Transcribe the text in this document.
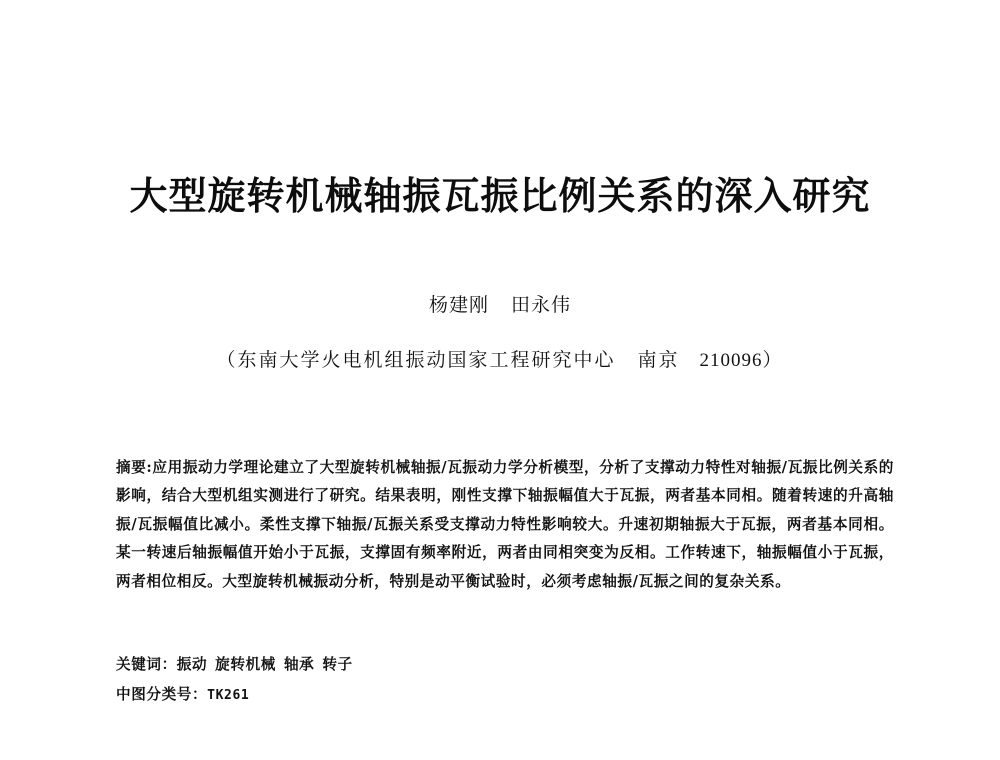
大型旋转机械轴振瓦振比例关系的深入研究
杨建刚 田永伟
（东南大学火电机组振动国家工程研究中心 南京 210096）
摘要:应用振动力学理论建立了大型旋转机械轴振/瓦振动力学分析模型，分析了支撑动力特性对轴振/瓦振比例关系的影响，结合大型机组实测进行了研究。结果表明，刚性支撑下轴振幅值大于瓦振，两者基本同相。随着转速的升高轴振/瓦振幅值比减小。柔性支撑下轴振/瓦振关系受支撑动力特性影响较大。升速初期轴振大于瓦振，两者基本同相。某一转速后轴振幅值开始小于瓦振，支撑固有频率附近，两者由同相突变为反相。工作转速下，轴振幅值小于瓦振，两者相位相反。大型旋转机械振动分析，特别是动平衡试验时，必须考虑轴振/瓦振之间的复杂关系。
关键词：振动 旋转机械 轴承 转子
中图分类号：TK261
